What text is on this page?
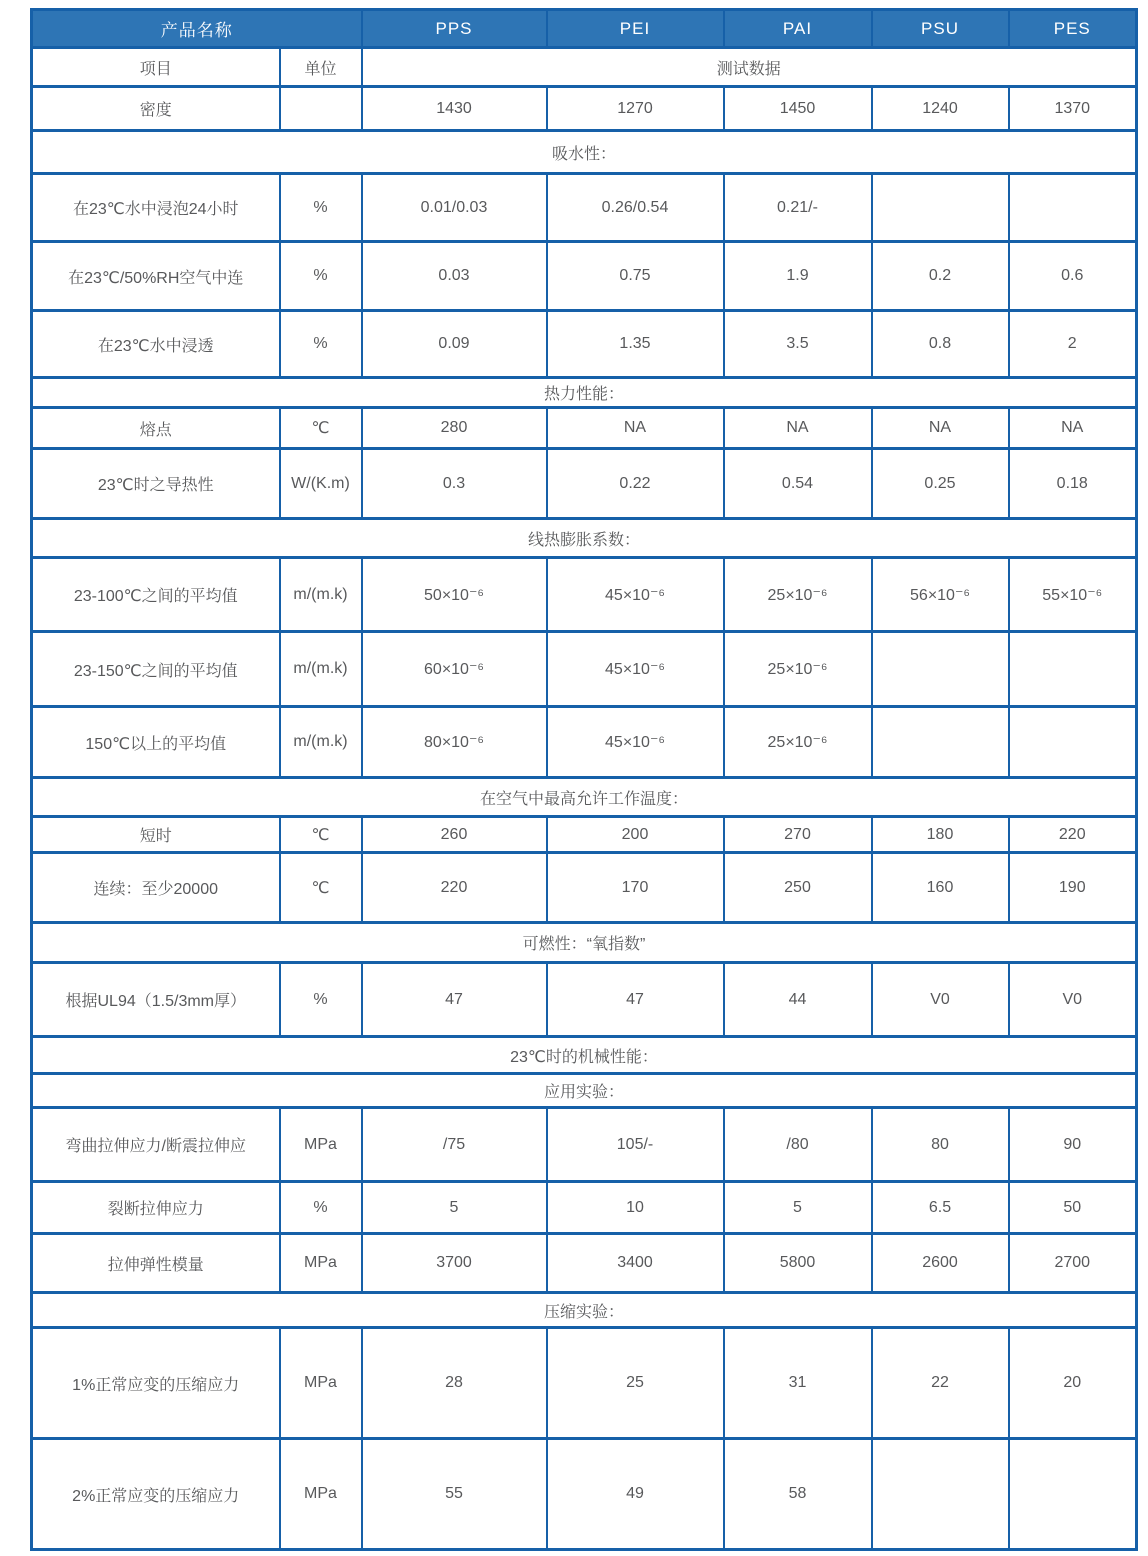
产品名称		PPS	PEI	PAI	PSU	PES
项目	单位	测试数据				
密度		1430	1270	1450	1240	1370
吸水性：						
在23℃水中浸泡24小时	%	0.01/0.03	0.26/0.54	0.21/-		
在23℃/50%RH空气中连	%	0.03	0.75	1.9	0.2	0.6
在23℃水中浸透	%	0.09	1.35	3.5	0.8	2
热力性能：						
熔点	℃	280	NA	NA	NA	NA
23℃时之导热性	W/(K.m)	0.3	0.22	0.54	0.25	0.18
线热膨胀系数：						
23-100℃之间的平均值	m/(m.k)	50×10⁻⁶	45×10⁻⁶	25×10⁻⁶	56×10⁻⁶	55×10⁻⁶
23-150℃之间的平均值	m/(m.k)	60×10⁻⁶	45×10⁻⁶	25×10⁻⁶		
150℃以上的平均值	m/(m.k)	80×10⁻⁶	45×10⁻⁶	25×10⁻⁶		
在空气中最高允许工作温度：						
短时	℃	260	200	270	180	220
连续：至少20000	℃	220	170	250	160	190
可燃性：“氧指数”						
根据UL94（1.5/3mm厚）	%	47	47	44	V0	V0
23℃时的机械性能：						
应用实验：						
弯曲拉伸应力/断震拉伸应	MPa	/75	105/-	/80	80	90
裂断拉伸应力	%	5	10	5	6.5	50
拉伸弹性模量	MPa	3700	3400	5800	2600	2700
压缩实验：						
1%正常应变的压缩应力	MPa	28	25	31	22	20
2%正常应变的压缩应力	MPa	55	49	58		
